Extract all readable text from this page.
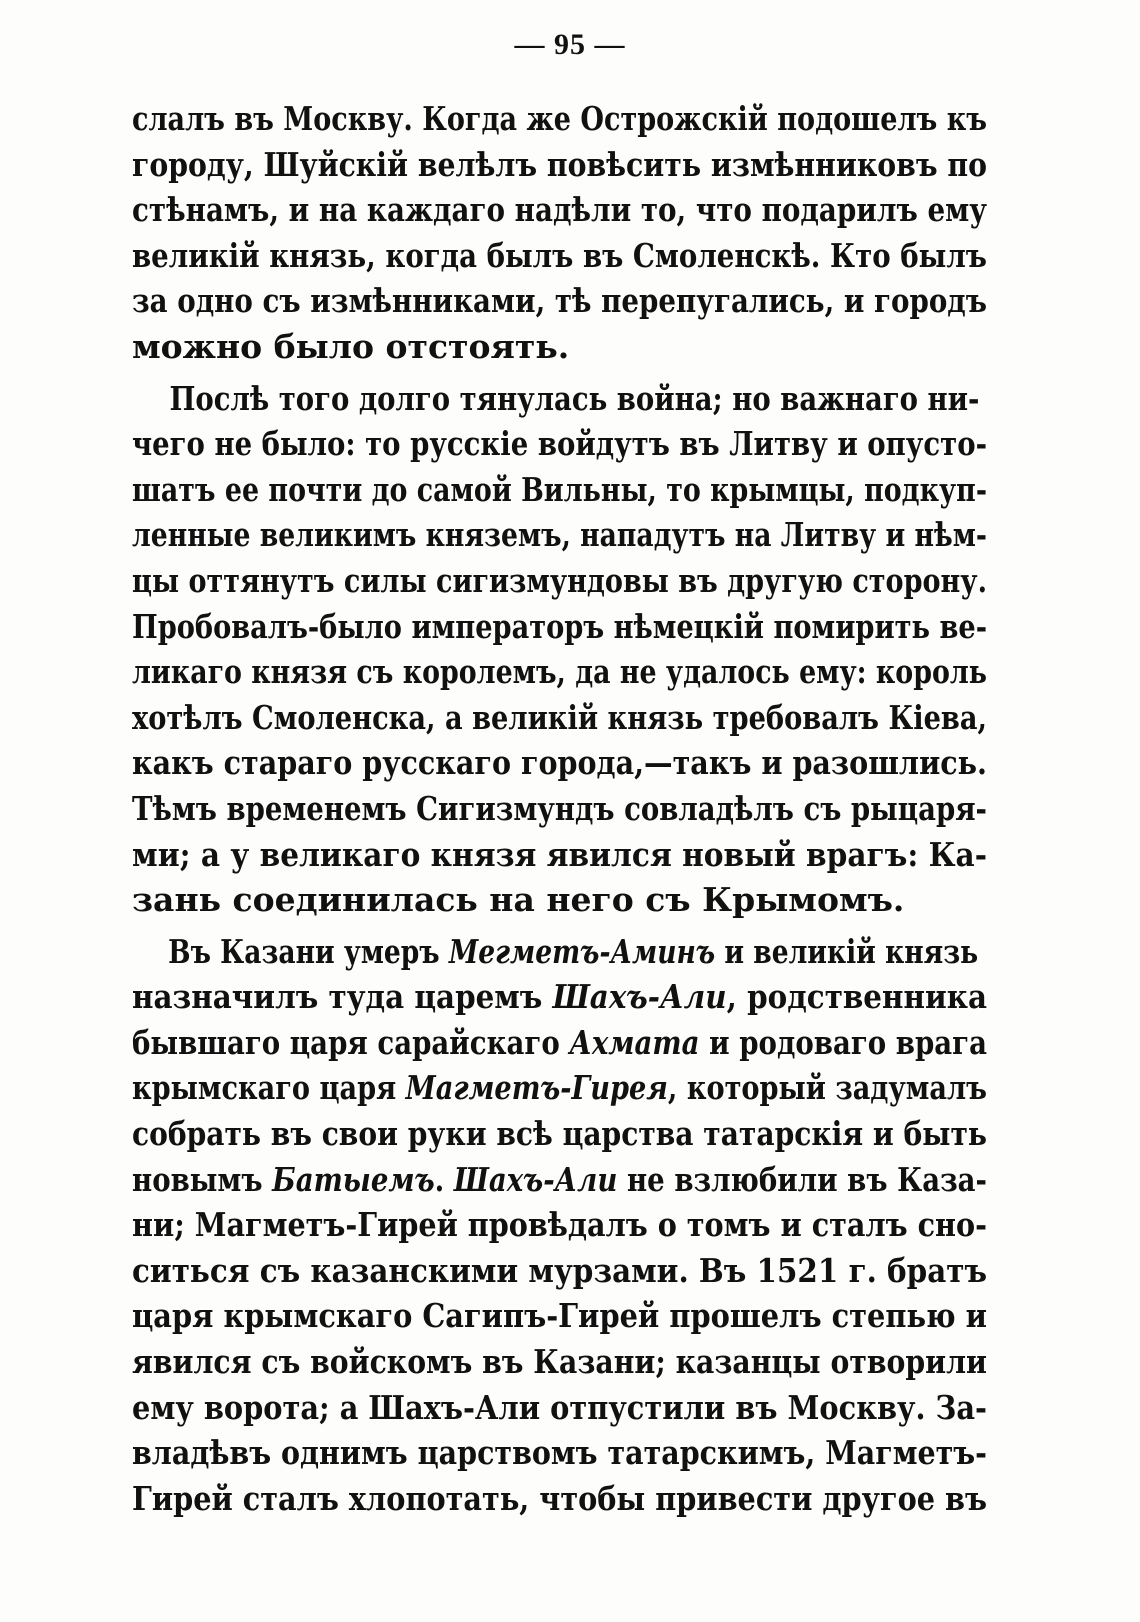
— 95 —
слалъ въ Москву. Когда же Острожскій подошелъ къ
городу, Шуйскій велѣлъ повѣсить измѣнниковъ по
стѣнамъ, и на каждаго надѣли то, что подарилъ ему
великій князь, когда былъ въ Смоленскѣ. Кто былъ
за одно съ измѣнниками, тѣ перепугались, и городъ
можно было отстоять.
Послѣ того долго тянулась война; но важнаго ни-
чего не было: то русскіе войдутъ въ Литву и опусто-
шатъ ее почти до самой Вильны, то крымцы, подкуп-
ленные великимъ княземъ, нападутъ на Литву и нѣм-
цы оттянутъ силы сигизмундовы въ другую сторону.
Пробовалъ-было императоръ нѣмецкій помирить ве-
ликаго князя съ королемъ, да не удалось ему: король
хотѣлъ Смоленска, а великій князь требовалъ Кіева,
какъ стараго русскаго города,—такъ и разошлись.
Тѣмъ временемъ Сигизмундъ совладѣлъ съ рыцаря-
ми; а у великаго князя явился новый врагъ: Ка-
зань соединилась на него съ Крымомъ.
Въ Казани умеръ Мегметъ-Аминъ и великій князь
назначилъ туда царемъ Шахъ-Али, родственника
бывшаго царя сарайскаго Ахмата и родоваго врага
крымскаго царя Магметъ-Гирея, который задумалъ
собрать въ свои руки всѣ царства татарскія и быть
новымъ Батыемъ. Шахъ-Али не взлюбили въ Каза-
ни; Магметъ-Гирей провѣдалъ о томъ и сталъ сно-
ситься съ казанскими мурзами. Въ 1521 г. братъ
царя крымскаго Сагипъ-Гирей прошелъ степью и
явился съ войскомъ въ Казани; казанцы отворили
ему ворота; а Шахъ-Али отпустили въ Москву. За-
владѣвъ однимъ царствомъ татарскимъ, Магметъ-
Гирей сталъ хлопотать, чтобы привести другое въ
